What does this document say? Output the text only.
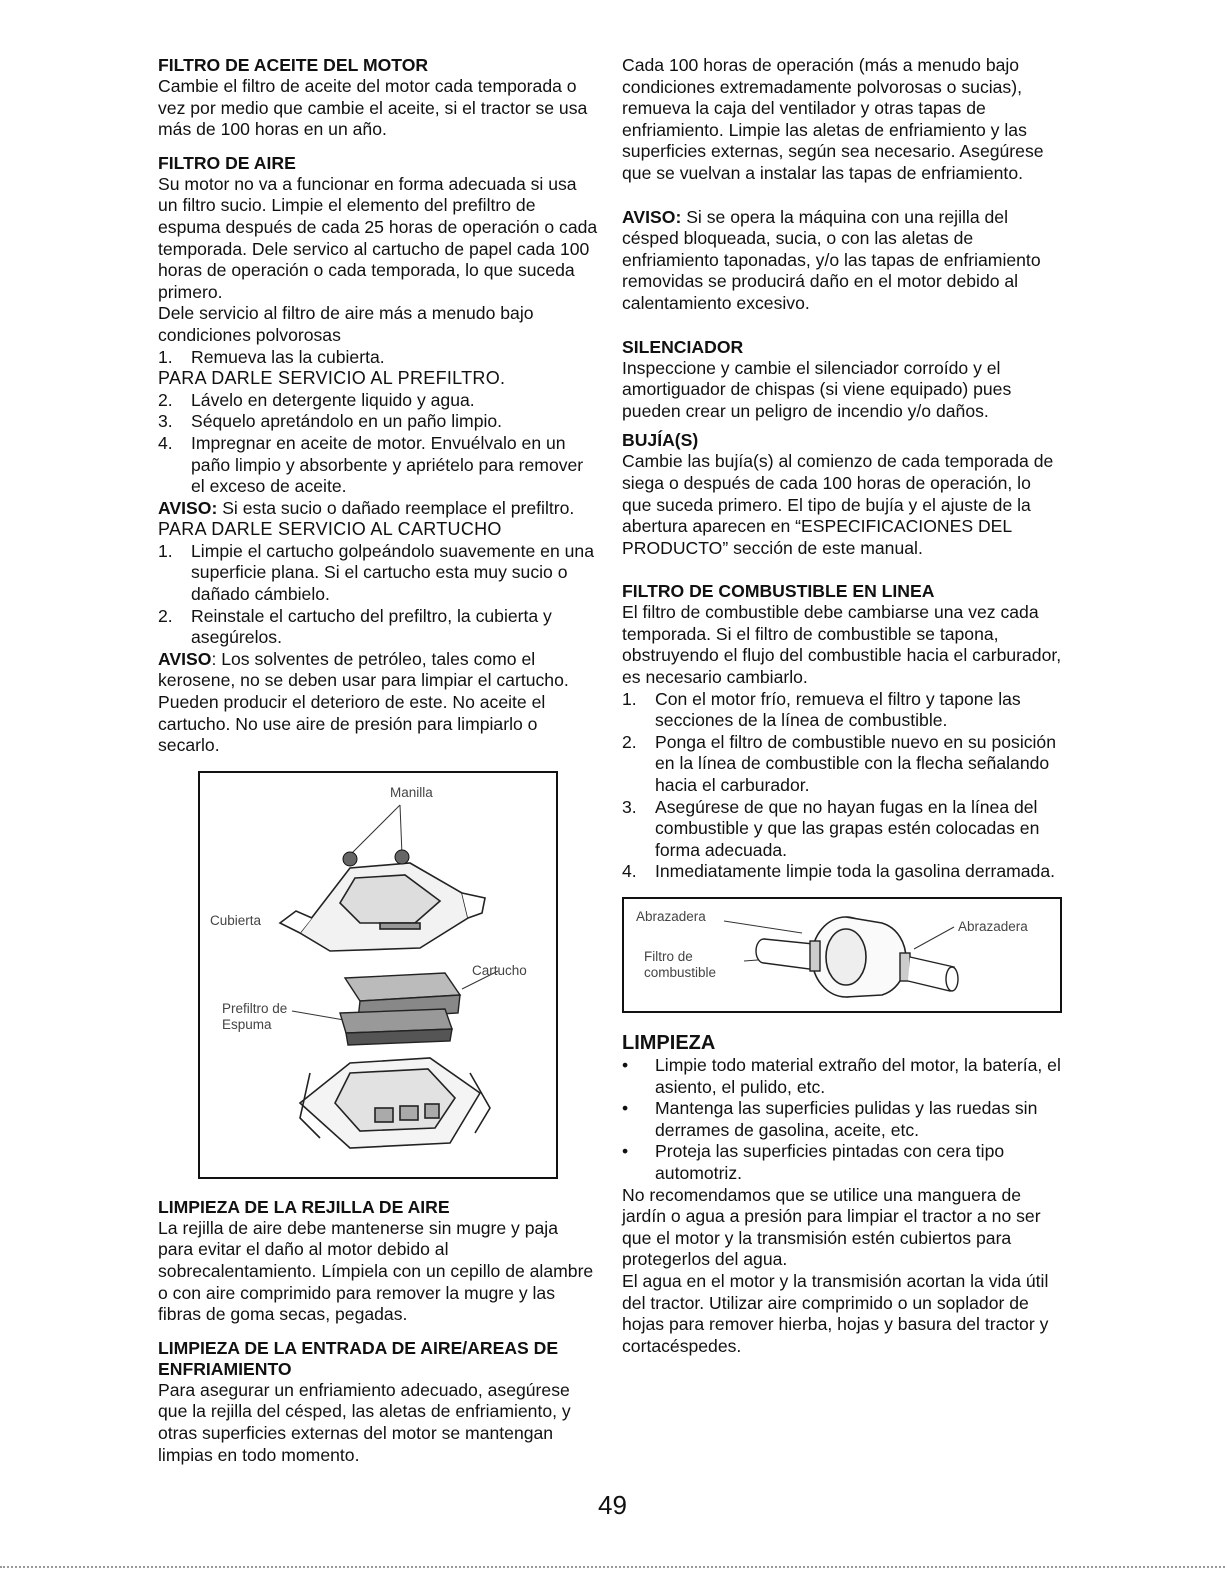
FILTRO DE ACEITE DEL MOTOR

Cambie el filtro de aceite del motor cada temporada o vez por medio que cambie el aceite, si el tractor se usa más de 100 horas en un año.

FILTRO DE AIRE

Su motor no va a funcionar en forma adecuada si usa un filtro sucio. Limpie el elemento del prefiltro de espuma después de cada 25 horas de operación o cada temporada. Dele servico al cartucho de papel cada 100 horas de operación o cada temporada, lo que suceda primero.

Dele servicio al filtro de aire más a menudo bajo condiciones polvorosas

1. Remueva las la cubierta.

PARA DARLE SERVICIO AL PREFILTRO.

2. Lávelo en detergente liquido y agua.
3. Séquelo apretándolo en un paño limpio.
4. Impregnar en aceite de motor. Envuélvalo en un paño limpio y absorbente y apriételo para remover el exceso de aceite.

AVISO: Si esta sucio o dañado reemplace el prefiltro.

PARA DARLE SERVICIO AL CARTUCHO

1. Limpie el cartucho golpeándolo suavemente en una superficie plana. Si el cartucho esta muy sucio o dañado cámbielo.
2. Reinstale el cartucho del prefiltro, la cubierta y asegúrelos.

AVISO: Los solventes de petróleo, tales como el kerosene, no se deben usar para limpiar el cartucho. Pueden producir el deterioro de este. No aceite el cartucho. No use aire de presión para limpiarlo o secarlo.

Manilla
Cubierta
Cartucho
Prefiltro de
Espuma

LIMPIEZA DE LA REJILLA DE AIRE

La rejilla de aire debe mantenerse sin mugre y paja para evitar el daño al motor debido al sobrecalentamiento. Límpiela con un cepillo de alambre o con aire comprimido para remover la mugre y las fibras de goma secas, pegadas.

LIMPIEZA DE LA ENTRADA DE AIRE/AREAS DE ENFRIAMIENTO

Para asegurar un enfriamiento adecuado, asegúrese que la rejilla del césped, las aletas de enfriamiento, y otras superficies externas del motor se mantengan limpias en todo momento.

Cada 100 horas de operación (más a menudo bajo condiciones extremadamente polvorosas o sucias), remueva la caja del ventilador y otras tapas de enfriamiento. Limpie las aletas de enfriamiento y las superficies externas, según sea necesario. Asegúrese que se vuelvan a instalar las tapas de enfriamiento.

AVISO: Si se opera la máquina con una rejilla del césped bloqueada, sucia, o con las aletas de enfriamiento taponadas, y/o las tapas de enfriamiento removidas se producirá daño en el motor debido al calentamiento excesivo.

SILENCIADOR

Inspeccione y cambie el silenciador corroído y el amortiguador de chispas (si viene equipado) pues pueden crear un peligro de incendio y/o daños.

BUJÍA(S)

Cambie las bujía(s) al comienzo de cada temporada de siega o después de cada 100 horas de operación, lo que suceda primero. El tipo de bujía y el ajuste de la abertura aparecen en “ESPECIFICACIONES DEL PRODUCTO” sección de este manual.

FILTRO DE COMBUSTIBLE EN LINEA

El filtro de combustible debe cambiarse una vez cada temporada. Si el filtro de combustible se tapona, obstruyendo el flujo del combustible hacia el carburador, es necesario cambiarlo.

1. Con el motor frío, remueva el filtro y tapone las secciones de la línea de combustible.
2. Ponga el filtro de combustible nuevo en su posición en la línea de combustible con la flecha señalando hacia el carburador.
3. Asegúrese de que no hayan fugas en la línea del combustible y que las grapas estén colocadas en forma adecuada.
4. Inmediatamente limpie toda la gasolina derramada.
Abrazadera
Abrazadera
Filtro de
combustible

LIMPIEZA

• Limpie todo material extraño del motor, la batería, el asiento, el pulido, etc.
• Mantenga las superficies pulidas y las ruedas sin derrames de gasolina, aceite, etc.
• Proteja las superficies pintadas con cera tipo automotriz.

No recomendamos que se utilice una manguera de jardín o agua a presión para limpiar el tractor a no ser que el motor y la transmisión estén cubiertos para protegerlos del agua.

El agua en el motor y la transmisión acortan la vida útil del tractor. Utilizar aire comprimido o un soplador de hojas para remover hierba, hojas y basura del tractor y cortacéspedes.

49
